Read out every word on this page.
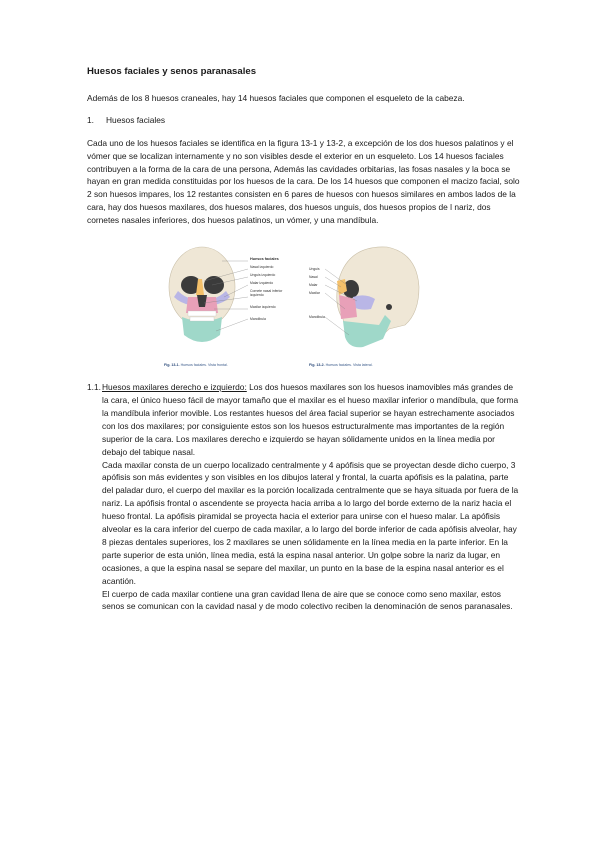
Huesos faciales y senos paranasales

Además de los 8 huesos craneales, hay 14 huesos faciales que componen el esqueleto de la cabeza.

1. Huesos faciales

Cada uno de los huesos faciales se identifica en la figura 13-1 y 13-2, a excepción de los dos huesos palatinos y el vómer que se localizan internamente y no son visibles desde el exterior en un esqueleto. Los 14 huesos faciales contribuyen a la forma de la cara de una persona, Además las cavidades orbitarias, las fosas nasales y la boca se hayan en gran medida constituidas por los huesos de la cara. De los 14 huesos que componen el macizo facial, solo 2 son huesos impares, los 12 restantes consisten en 6 pares de huesos con huesos similares en ambos lados de la cara, hay dos huesos maxilares, dos huesos malares, dos huesos unguis, dos huesos propios de l nariz, dos cornetes nasales inferiores, dos huesos palatinos, un vómer, y una mandíbula.

Huesos faciales
Nasal izquierdo
Unguis izquierdo
Malar izquierdo
Cornete nasal inferior izquierdo
Maxilar izquierdo
Mandíbula
Fig. 13-1. Huesos faciales. Vista frontal.
Unguis
Nasal
Malar
Maxilar
Mandíbula
Fig. 13-2. Huesos faciales. Vista lateral.
1.1. Huesos maxilares derecho e izquierdo: Los dos huesos maxilares son los huesos inamovibles más grandes de la cara, el único hueso fácil de mayor tamaño que el maxilar es el hueso maxilar inferior o mandíbula, que forma la mandíbula inferior movible. Los restantes huesos del área facial superior se hayan estrechamente asociados con los dos maxilares; por consiguiente estos son los huesos estructuralmente mas importantes de la región superior de la cara. Los maxilares derecho e izquierdo se hayan sólidamente unidos en la línea media por debajo del tabique nasal.

Cada maxilar consta de un cuerpo localizado centralmente y 4 apófisis que se proyectan desde dicho cuerpo, 3 apófisis son más evidentes y son visibles en los dibujos lateral y frontal, la cuarta apófisis es la palatina, parte del paladar duro, el cuerpo del maxilar es la porción localizada centralmente que se haya situada por fuera de la nariz. La apófisis frontal o ascendente se proyecta hacia arriba a lo largo del borde externo de la nariz hacia el hueso frontal. La apófisis piramidal se proyecta hacia el exterior para unirse con el hueso malar. La apófisis alveolar es la cara inferior del cuerpo de cada maxilar, a lo largo del borde inferior de cada apófisis alveolar, hay 8 piezas dentales superiores, los 2 maxilares se unen sólidamente en la línea media en la parte inferior. En la parte superior de esta unión, línea media, está la espina nasal anterior. Un golpe sobre la nariz da lugar, en ocasiones, a que la espina nasal se separe del maxilar, un punto en la base de la espina nasal anterior es el acantión.

El cuerpo de cada maxilar contiene una gran cavidad llena de aire que se conoce como seno maxilar, estos senos se comunican con la cavidad nasal y de modo colectivo reciben la denominación de senos paranasales.
